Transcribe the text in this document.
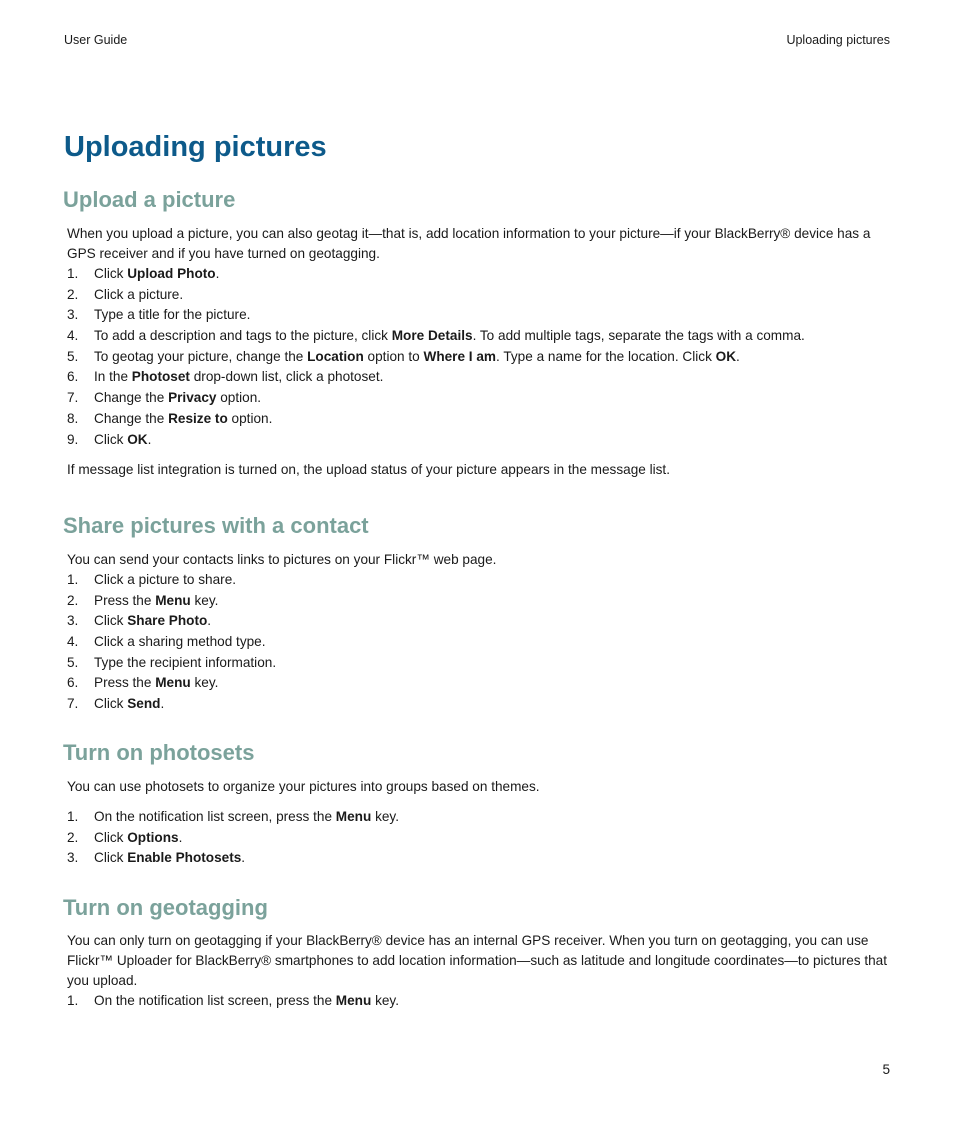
User Guide	Uploading pictures
Uploading pictures
Upload a picture

When you upload a picture, you can also geotag it—that is, add location information to your picture—if your BlackBerry® device has a GPS receiver and if you have turned on geotagging.

1. Click Upload Photo.
2. Click a picture.
3. Type a title for the picture.
4. To add a description and tags to the picture, click More Details. To add multiple tags, separate the tags with a comma.
5. To geotag your picture, change the Location option to Where I am. Type a name for the location. Click OK.
6. In the Photoset drop-down list, click a photoset.
7. Change the Privacy option.
8. Change the Resize to option.
9. Click OK.

If message list integration is turned on, the upload status of your picture appears in the message list.

Share pictures with a contact

You can send your contacts links to pictures on your Flickr™ web page.

1. Click a picture to share.
2. Press the Menu key.
3. Click Share Photo.
4. Click a sharing method type.
5. Type the recipient information.
6. Press the Menu key.
7. Click Send.
Turn on photosets

You can use photosets to organize your pictures into groups based on themes.

1. On the notification list screen, press the Menu key.
2. Click Options.
3. Click Enable Photosets.
Turn on geotagging

You can only turn on geotagging if your BlackBerry® device has an internal GPS receiver. When you turn on geotagging, you can use Flickr™ Uploader for BlackBerry® smartphones to add location information—such as latitude and longitude coordinates—to pictures that you upload.

1. On the notification list screen, press the Menu key.
5
